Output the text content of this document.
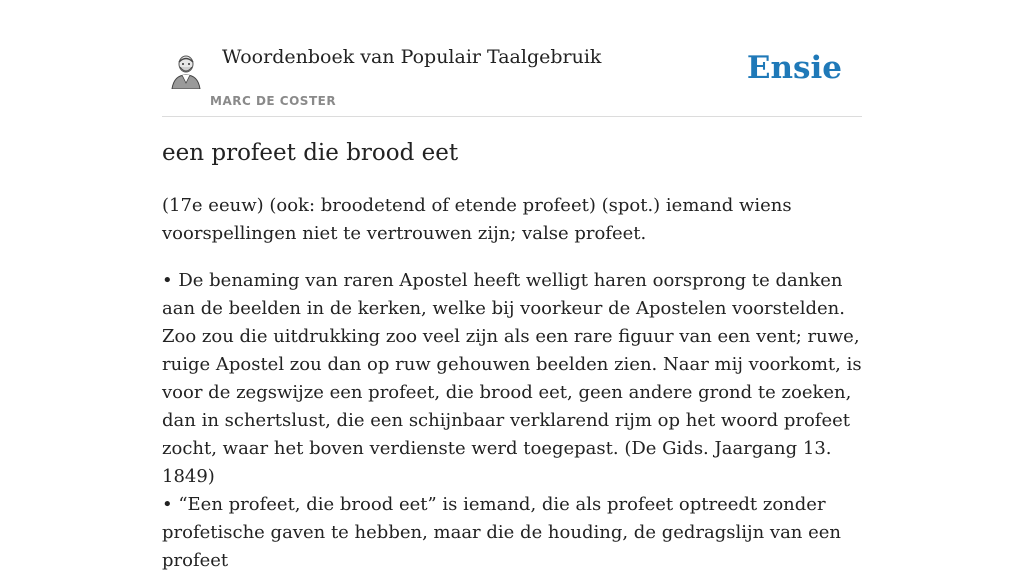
Woordenboek van Populair Taalgebruik
MARC DE COSTER
Ensie
een profeet die brood eet

(17e eeuw) (ook: broodetend of etende profeet) (spot.) iemand wiens voorspellingen niet te vertrouwen zijn; valse profeet.

• De benaming van raren Apostel heeft welligt haren oorsprong te danken aan de beelden in de kerken, welke bij voorkeur de Apostelen voorstelden. Zoo zou die uitdrukking zoo veel zijn als een rare figuur van een vent; ruwe, ruige Apostel zou dan op ruw gehouwen beelden zien. Naar mij voorkomt, is voor de zegswijze een profeet, die brood eet, geen andere grond te zoeken, dan in schertslust, die een schijnbaar verklarend rijm op het woord profeet zocht, waar het boven verdienste werd toegepast. (De Gids. Jaargang 13. 1849)

• “Een profeet, die brood eet” is iemand, die als profeet optreedt zonder profetische gaven te hebben, maar die de houding, de gedragslijn van een profeet
